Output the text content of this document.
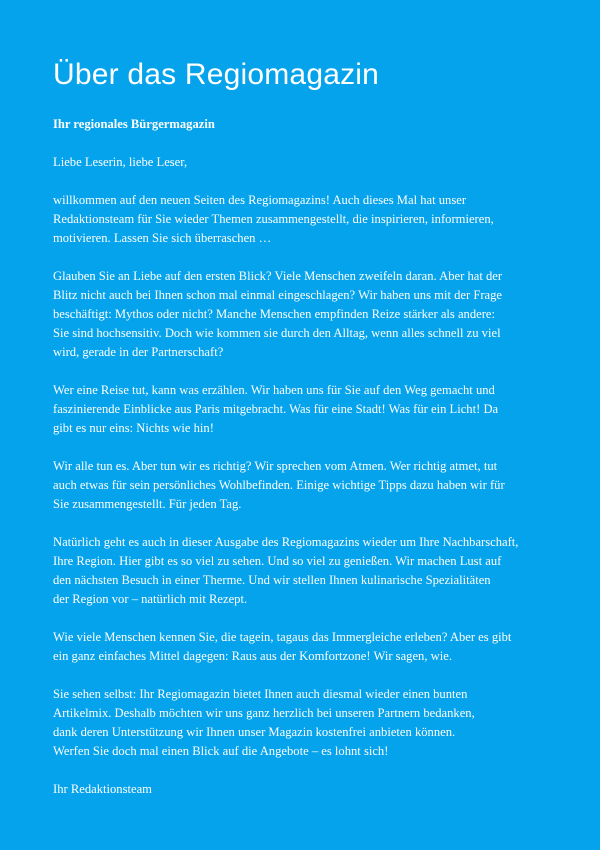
Über das Regiomagazin
Ihr regionales Bürgermagazin

Liebe Leserin, liebe Leser,

willkommen auf den neuen Seiten des Regiomagazins! Auch dieses Mal hat unser
Redaktionsteam für Sie wieder Themen zusammengestellt, die inspirieren, informieren,
motivieren. Lassen Sie sich überraschen …

Glauben Sie an Liebe auf den ersten Blick? Viele Menschen zweifeln daran. Aber hat der
Blitz nicht auch bei Ihnen schon mal einmal eingeschlagen? Wir haben uns mit der Frage
beschäftigt: Mythos oder nicht? Manche Menschen empfinden Reize stärker als andere:
Sie sind hochsensitiv. Doch wie kommen sie durch den Alltag, wenn alles schnell zu viel
wird, gerade in der Partnerschaft?

Wer eine Reise tut, kann was erzählen. Wir haben uns für Sie auf den Weg gemacht und
faszinierende Einblicke aus Paris mitgebracht. Was für eine Stadt! Was für ein Licht! Da
gibt es nur eins: Nichts wie hin!

Wir alle tun es. Aber tun wir es richtig? Wir sprechen vom Atmen. Wer richtig atmet, tut
auch etwas für sein persönliches Wohlbefinden. Einige wichtige Tipps dazu haben wir für
Sie zusammengestellt. Für jeden Tag.

Natürlich geht es auch in dieser Ausgabe des Regiomagazins wieder um Ihre Nachbarschaft,
Ihre Region. Hier gibt es so viel zu sehen. Und so viel zu genießen. Wir machen Lust auf
den nächsten Besuch in einer Therme. Und wir stellen Ihnen kulinarische Spezialitäten
der Region vor – natürlich mit Rezept.

Wie viele Menschen kennen Sie, die tagein, tagaus das Immergleiche erleben? Aber es gibt
ein ganz einfaches Mittel dagegen: Raus aus der Komfortzone! Wir sagen, wie.

Sie sehen selbst: Ihr Regiomagazin bietet Ihnen auch diesmal wieder einen bunten
Artikelmix. Deshalb möchten wir uns ganz herzlich bei unseren Partnern bedanken,
dank deren Unterstützung wir Ihnen unser Magazin kostenfrei anbieten können.
Werfen Sie doch mal einen Blick auf die Angebote – es lohnt sich!

Ihr Redaktionsteam
